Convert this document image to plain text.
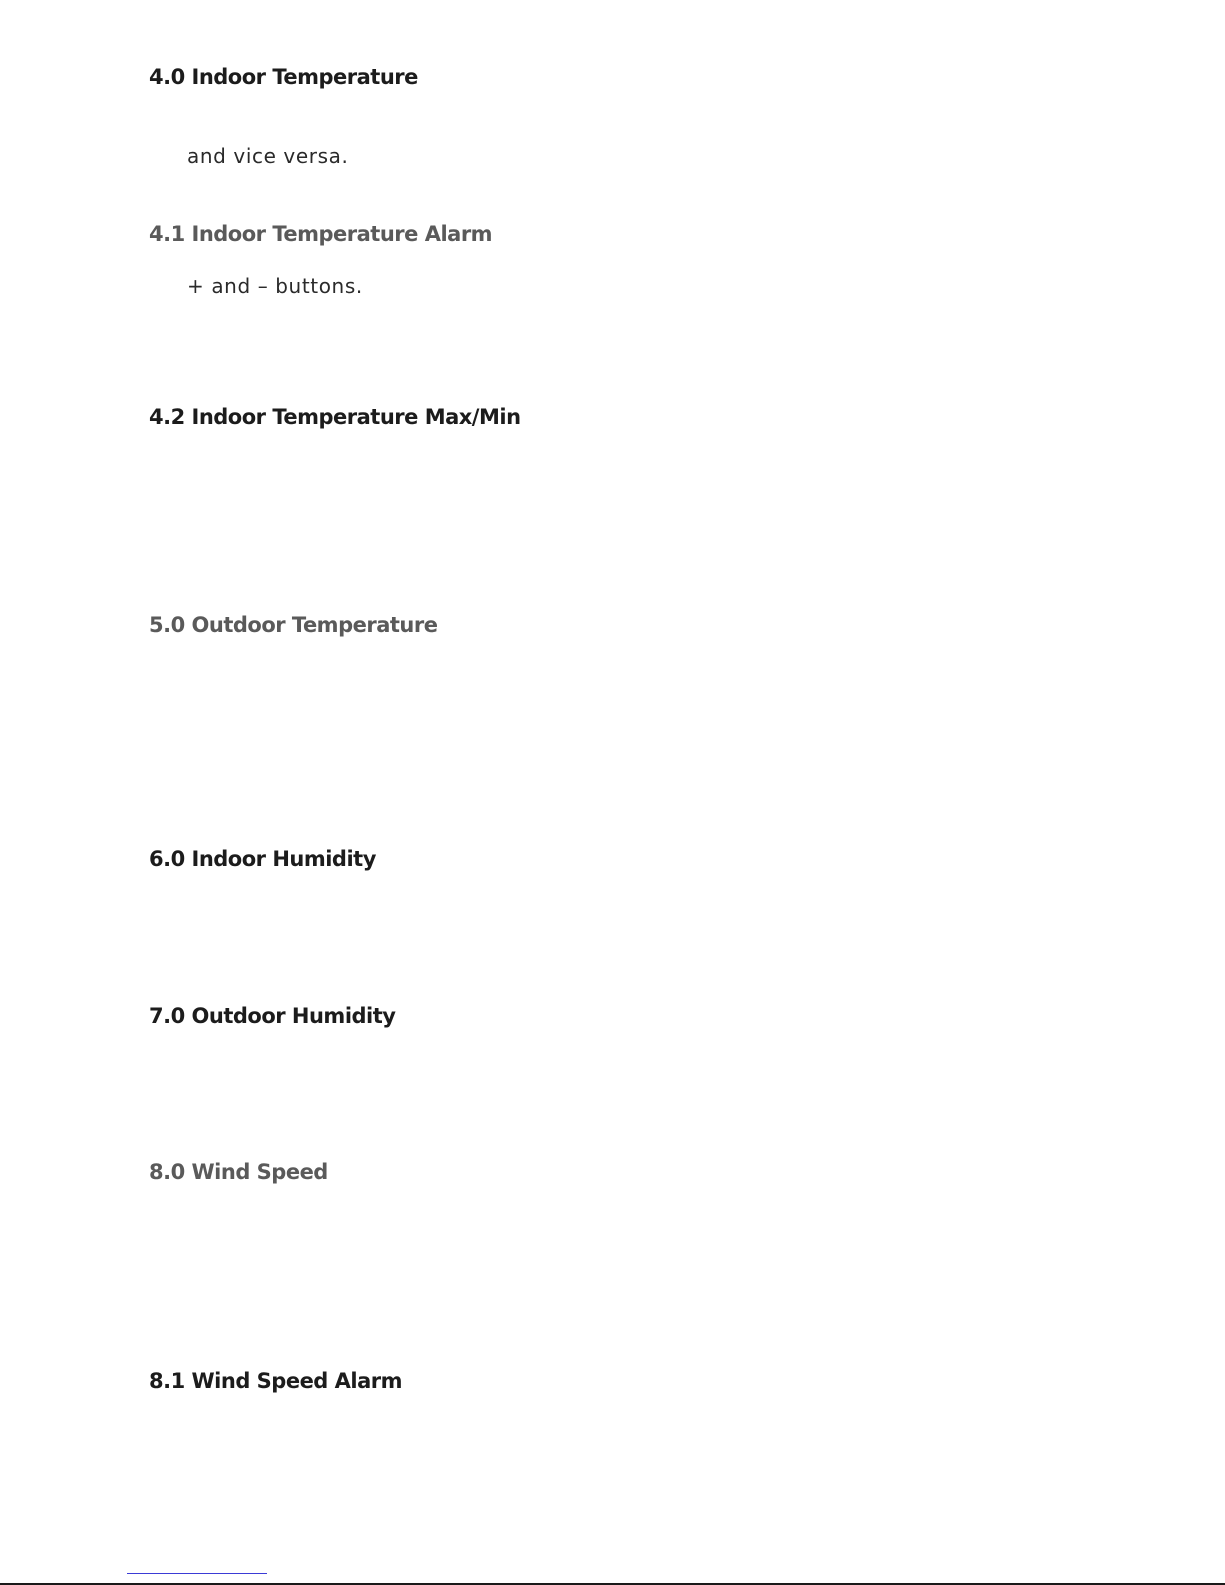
4.0 Indoor Temperature

and vice versa.

4.1 Indoor Temperature Alarm

+ and – buttons.

4.2 Indoor Temperature Max/Min
5.0 Outdoor Temperature
6.0 Indoor Humidity
7.0 Outdoor Humidity
8.0 Wind Speed
8.1 Wind Speed Alarm
